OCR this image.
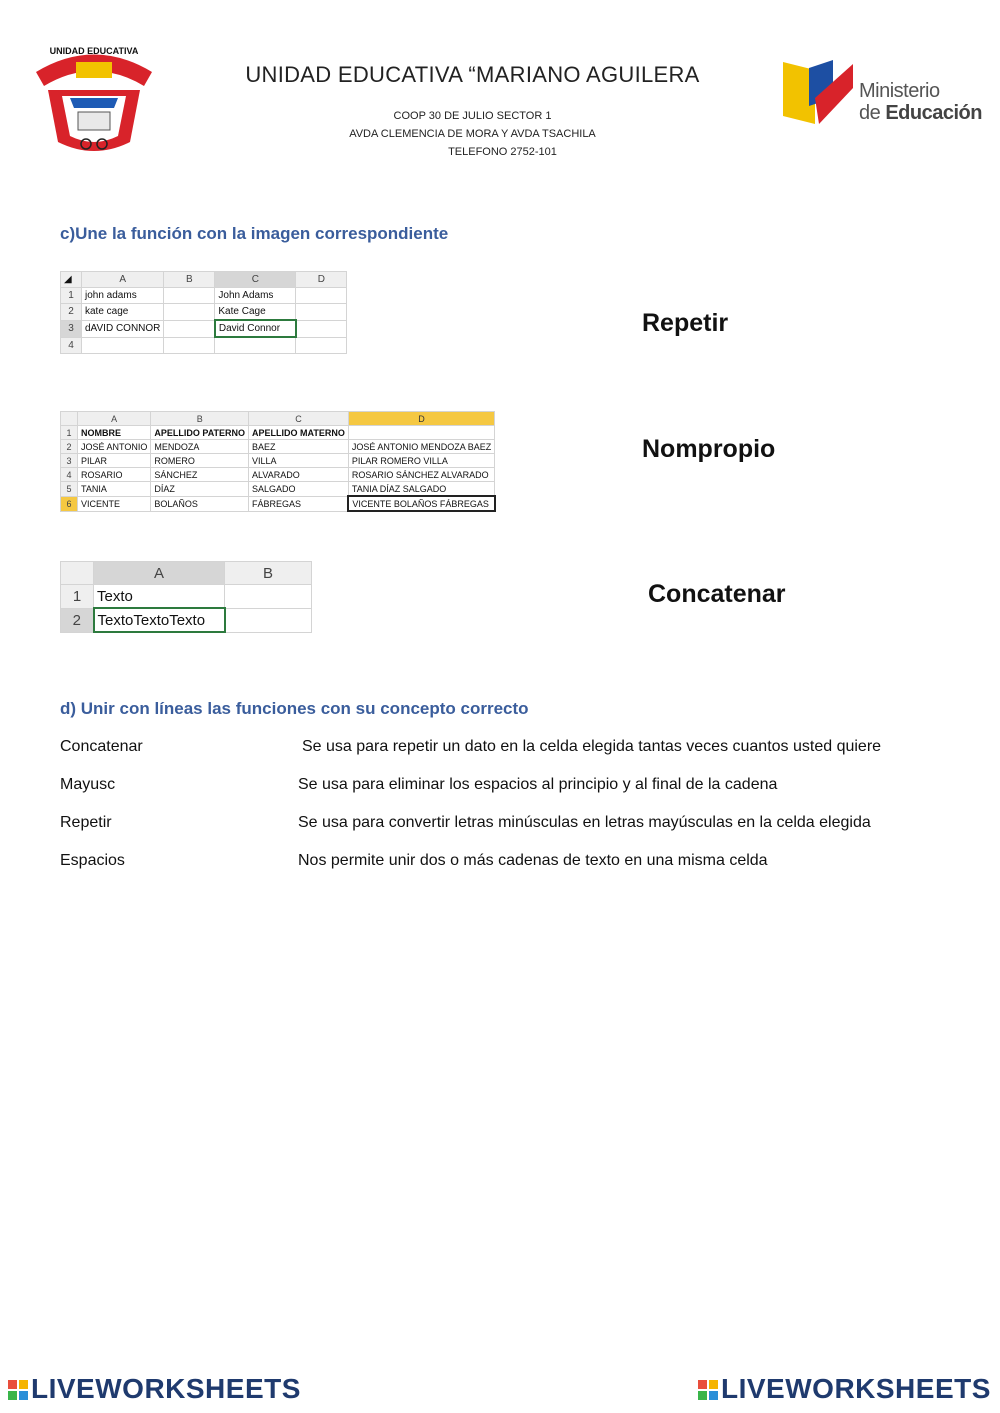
UNIDAD EDUCATIVA
MARIANO AGUILERA	UNIDAD EDUCATIVA “MARIANO AGUILERA
COOP 30 DE JULIO SECTOR 1
AVDA CLEMENCIA DE MORA Y AVDA TSACHILA
TELEFONO 2752-101
Ministerio
de Educación
c)Une la función con la imagen correspondiente
◢	A	B	C	D
1	john adams		John Adams	
2	kate cage		Kate Cage	
3	dAVID CONNOR		David Connor	
4				
	A	B	C	D
1	NOMBRE	APELLIDO PATERNO	APELLIDO MATERNO	
2	JOSÉ ANTONIO	MENDOZA	BAEZ	JOSÉ ANTONIO MENDOZA BAEZ
3	PILAR	ROMERO	VILLA	PILAR ROMERO VILLA
4	ROSARIO	SÁNCHEZ	ALVARADO	ROSARIO SÁNCHEZ ALVARADO
5	TANIA	DÍAZ	SALGADO	TANIA DÍAZ SALGADO
6	VICENTE	BOLAÑOS	FÁBREGAS	VICENTE BOLAÑOS FÁBREGAS
	A	B
1	Texto	
2	TextoTextoTexto	
Repetir
Nompropio
Concatenar
d) Unir con líneas las funciones con su concepto correcto
Concatenar
Mayusc
Repetir
Espacios
Se usa para repetir un dato en la celda elegida tantas veces cuantos usted quiere
Se usa para eliminar los espacios al principio y al final de la cadena
Se usa para convertir letras minúsculas en letras mayúsculas en la celda elegida
Nos permite unir dos o más cadenas de texto en una misma celda
LIVEWORKSHEETS	LIVEWORKSHEETS
